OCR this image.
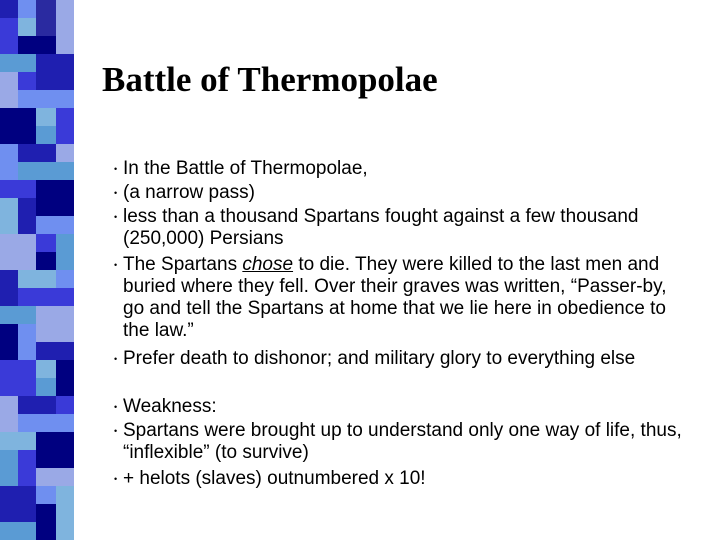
Battle of Thermopolae
• In the Battle of Thermopolae,
• (a narrow pass)
• less than a thousand Spartans fought against a few thousand (250,000) Persians
• The Spartans chose to die. They were killed to the last men and buried where they fell. Over their graves was written, “Passer-by, go and tell the Spartans at home that we lie here in obedience to the law.”
• Prefer death to dishonor; and military glory to everything else
• Weakness:
• Spartans were brought up to understand only one way of life, thus, “inflexible” (to survive)
• + helots (slaves) outnumbered x 10!
